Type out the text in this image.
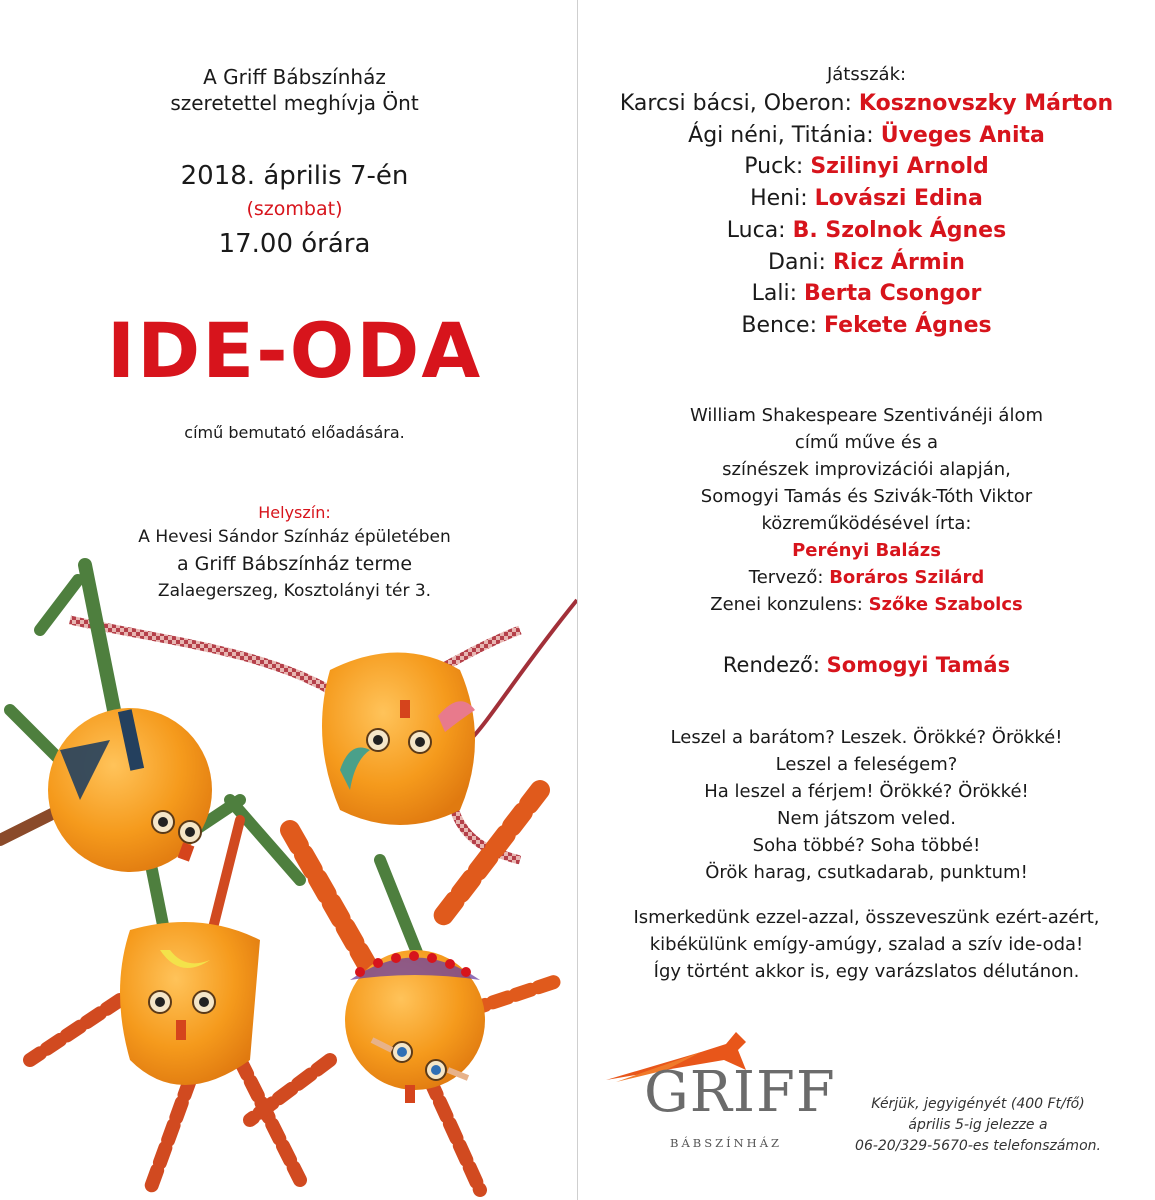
A Griff Bábszínház
szeretettel meghívja Önt
2018. április 7-én
(szombat)
17.00 órára
IDE-ODA
című bemutató előadására.
Helyszín:
A Hevesi Sándor Színház épületében
a Griff Bábszínház terme
Zalaegerszeg, Kosztolányi tér 3.
Játsszák:
Karcsi bácsi, Oberon: Kosznovszky Márton
Ági néni, Titánia: Üveges Anita
Puck: Szilinyi Arnold
Heni: Lovászi Edina
Luca: B. Szolnok Ágnes
Dani: Ricz Ármin
Lali: Berta Csongor
Bence: Fekete Ágnes
William Shakespeare Szentivánéji álom
című műve és a
színészek improvizációi alapján,
Somogyi Tamás és Szivák-Tóth Viktor
közreműködésével írta:
Perényi Balázs
Tervező: Boráros Szilárd
Zenei konzulens: Szőke Szabolcs
Rendező: Somogyi Tamás
Leszel a barátom? Leszek. Örökké? Örökké!
Leszel a feleségem?
Ha leszel a férjem! Örökké? Örökké!
Nem játszom veled.
Soha többé? Soha többé!
Örök harag, csutkadarab, punktum!
Ismerkedünk ezzel-azzal, összeveszünk ezért-azért,
kibékülünk emígy-amúgy, szalad a szív ide-oda!
Így történt akkor is, egy varázslatos délutánon.
GRIFF
BÁBSZÍNHÁZ
Kérjük, jegyigényét (400 Ft/fő)
április 5-ig jelezze a
06-20/329-5670-es telefonszámon.
